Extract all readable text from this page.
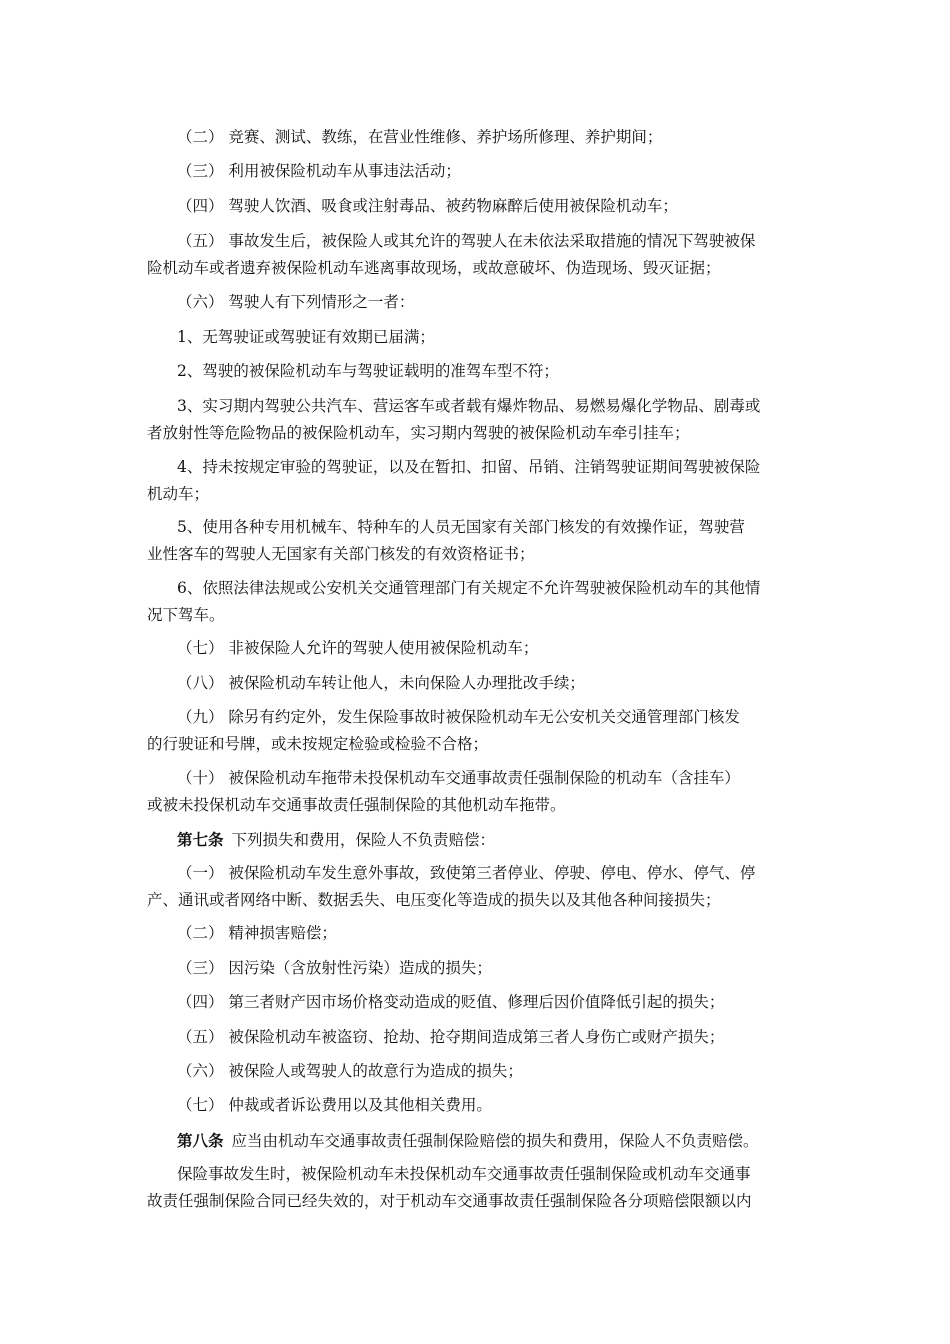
（二） 竞赛、测试、教练，在营业性维修、养护场所修理、养护期间；

（三） 利用被保险机动车从事违法活动；

（四） 驾驶人饮酒、吸食或注射毒品、被药物麻醉后使用被保险机动车；

（五） 事故发生后，被保险人或其允许的驾驶人在未依法采取措施的情况下驾驶被保
险机动车或者遗弃被保险机动车逃离事故现场，或故意破坏、伪造现场、毁灭证据；

（六） 驾驶人有下列情形之一者：

1、无驾驶证或驾驶证有效期已届满；

2、驾驶的被保险机动车与驾驶证载明的准驾车型不符；

3、实习期内驾驶公共汽车、营运客车或者载有爆炸物品、易燃易爆化学物品、剧毒或
者放射性等危险物品的被保险机动车，实习期内驾驶的被保险机动车牵引挂车；

4、持未按规定审验的驾驶证，以及在暂扣、扣留、吊销、注销驾驶证期间驾驶被保险
机动车；

5、使用各种专用机械车、特种车的人员无国家有关部门核发的有效操作证，驾驶营
业性客车的驾驶人无国家有关部门核发的有效资格证书；

6、依照法律法规或公安机关交通管理部门有关规定不允许驾驶被保险机动车的其他情
况下驾车。

（七） 非被保险人允许的驾驶人使用被保险机动车；

（八） 被保险机动车转让他人，未向保险人办理批改手续；

（九） 除另有约定外，发生保险事故时被保险机动车无公安机关交通管理部门核发
的行驶证和号牌，或未按规定检验或检验不合格；

（十） 被保险机动车拖带未投保机动车交通事故责任强制保险的机动车（含挂车）
或被未投保机动车交通事故责任强制保险的其他机动车拖带。

第七条 下列损失和费用，保险人不负责赔偿：

（一） 被保险机动车发生意外事故，致使第三者停业、停驶、停电、停水、停气、停
产、通讯或者网络中断、数据丢失、电压变化等造成的损失以及其他各种间接损失；

（二） 精神损害赔偿；

（三） 因污染（含放射性污染）造成的损失；

（四） 第三者财产因市场价格变动造成的贬值、修理后因价值降低引起的损失；

（五） 被保险机动车被盗窃、抢劫、抢夺期间造成第三者人身伤亡或财产损失；

（六） 被保险人或驾驶人的故意行为造成的损失；

（七） 仲裁或者诉讼费用以及其他相关费用。

第八条 应当由机动车交通事故责任强制保险赔偿的损失和费用，保险人不负责赔偿。

保险事故发生时，被保险机动车未投保机动车交通事故责任强制保险或机动车交通事
故责任强制保险合同已经失效的，对于机动车交通事故责任强制保险各分项赔偿限额以内
